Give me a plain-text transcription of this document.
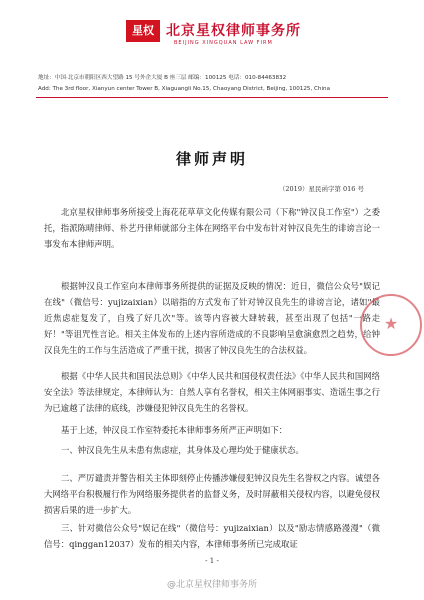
星权 北京星权律师事务所
BEIJING XINGQUAN LAW FIRM
地址：中国·北京市朝阳区西大望路 15 号外企大厦 B 座三层 邮编：100125 电话：010-84463832
Add: The 3rd floor, Xianyun center Tower B, Xiaguangli No.15, Chaoyang District, Beijing, 100125, China
律师声明
（2019）星民函字第 016 号

北京星权律师事务所接受上海花花草草文化传媒有限公司（下称"钟汉良工作室"）之委托，指派陈晴律师、朴艺丹律师就部分主体在网络平台中发布针对钟汉良先生的诽谤言论一事发布本律师声明。

根据钟汉良工作室向本律师事务所提供的证据及反映的情况：近日，微信公众号"娱记在线"（微信号：yujizaixian）以暗指的方式发布了针对钟汉良先生的诽谤言论，诸如"最近焦虑症复发了，自残了好几次"等。该等内容被大肆转载，甚至出现了包括"一路走好！"等诅咒性言论。相关主体发布的上述内容所造成的不良影响呈愈演愈烈之趋势，给钟汉良先生的工作与生活造成了严重干扰，损害了钟汉良先生的合法权益。

根据《中华人民共和国民法总则》《中华人民共和国侵权责任法》《中华人民共和国网络安全法》等法律规定，本律师认为：自然人享有名誉权，相关主体网丽事实、造谣生事之行为已逾越了法律的底线，涉嫌侵犯钟汉良先生的名誉权。

基于上述，钟汉良工作室特委托本律师事务所严正声明如下：

一、钟汉良先生从未患有焦虑症，其身体及心理均处于健康状态。

二、严厉谴责并警告相关主体即刻停止传播涉嫌侵犯钟汉良先生名誉权之内容。诚望各大网络平台积极履行作为网络服务提供者的监督义务，及时屏蔽相关侵权内容，以避免侵权损害后果的进一步扩大。

三、针对微信公众号"娱记在线"（微信号：yujizaixian）以及"励志情感路漫漫"（微信号：qinggan12037）发布的相关内容，本律师事务所已完成取证

★
- 1 -
@北京星权律师事务所
